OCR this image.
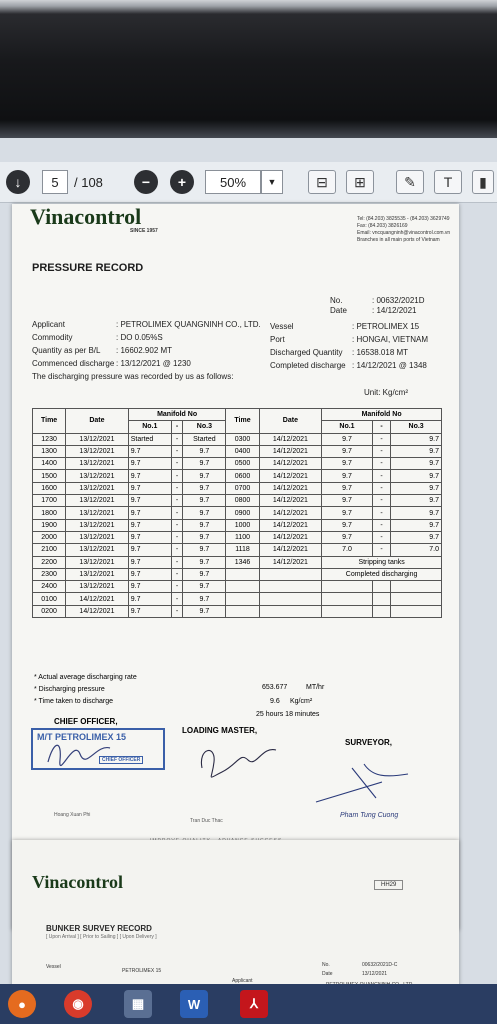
↓	5	/ 108	−	+	50%	▼	⊟	⊞	✎	T	▮
Vinacontrol
SINCE 1957
Tel: (84.203) 3825535 - (84.203) 3629749
Fax: (84.203) 3826169
Email: vncquangninh@vinacontrol.com.vn
Branches in all main ports of Vietnam
PRESSURE RECORD
No.	: 00632/2021D
Date	: 14/12/2021
Applicant	: PETROLIMEX QUANGNINH CO., LTD.
Commodity	: DO 0.05%S
Quantity as per B/L : 16602.902 MT
Commenced discharge : 13/12/2021 @ 1230
Vessel	: PETROLIMEX 15
Port	: HONGAI, VIETNAM
Discharged Quantity : 16538.018 MT
Completed discharge : 14/12/2021 @ 1348
The discharging pressure was recorded by us as follows:
Unit: Kg/cm²
Time	Date	Manifold No			Time	Date	Manifold No		
		No.1	-	No.3			No.1	-	No.3
1230	13/12/2021	Started	-	Started	0300	14/12/2021	9.7	-	9.7
1300	13/12/2021	9.7	-	9.7	0400	14/12/2021	9.7	-	9.7
1400	13/12/2021	9.7	-	9.7	0500	14/12/2021	9.7	-	9.7
1500	13/12/2021	9.7	-	9.7	0600	14/12/2021	9.7	-	9.7
1600	13/12/2021	9.7	-	9.7	0700	14/12/2021	9.7	-	9.7
1700	13/12/2021	9.7	-	9.7	0800	14/12/2021	9.7	-	9.7
1800	13/12/2021	9.7	-	9.7	0900	14/12/2021	9.7	-	9.7
1900	13/12/2021	9.7	-	9.7	1000	14/12/2021	9.7	-	9.7
2000	13/12/2021	9.7	-	9.7	1100	14/12/2021	9.7	-	9.7
2100	13/12/2021	9.7	-	9.7	1118	14/12/2021	7.0	-	7.0
2200	13/12/2021	9.7	-	9.7	1346	14/12/2021	Stripping tanks		
2300	13/12/2021	9.7	-	9.7			Completed discharging		
2400	13/12/2021	9.7	-	9.7					
0100	14/12/2021	9.7	-	9.7					
0200	14/12/2021	9.7	-	9.7					
* Actual average discharging rate
653.677	MT/hr
* Discharging pressure
9.6 Kg/cm²
* Time taken to discharge
25 hours 18 minutes
CHIEF OFFICER,
LOADING MASTER,
SURVEYOR,
M/T PETROLIMEX 15
CHIEF OFFICER
Hoang Xuan Phi
Tran Duc Thac
Pham Tung Cuong
Vinacontrol	HH29
BUNKER SURVEY RECORD
[ Upon Arrival ] [ Prior to Sailing ] [ Upon Delivery ]
Vessel
PETROLIMEX 15
Applicant
No.	00632/2021D-C
Date	13/12/2021
●	◉	▦	W	⅄
